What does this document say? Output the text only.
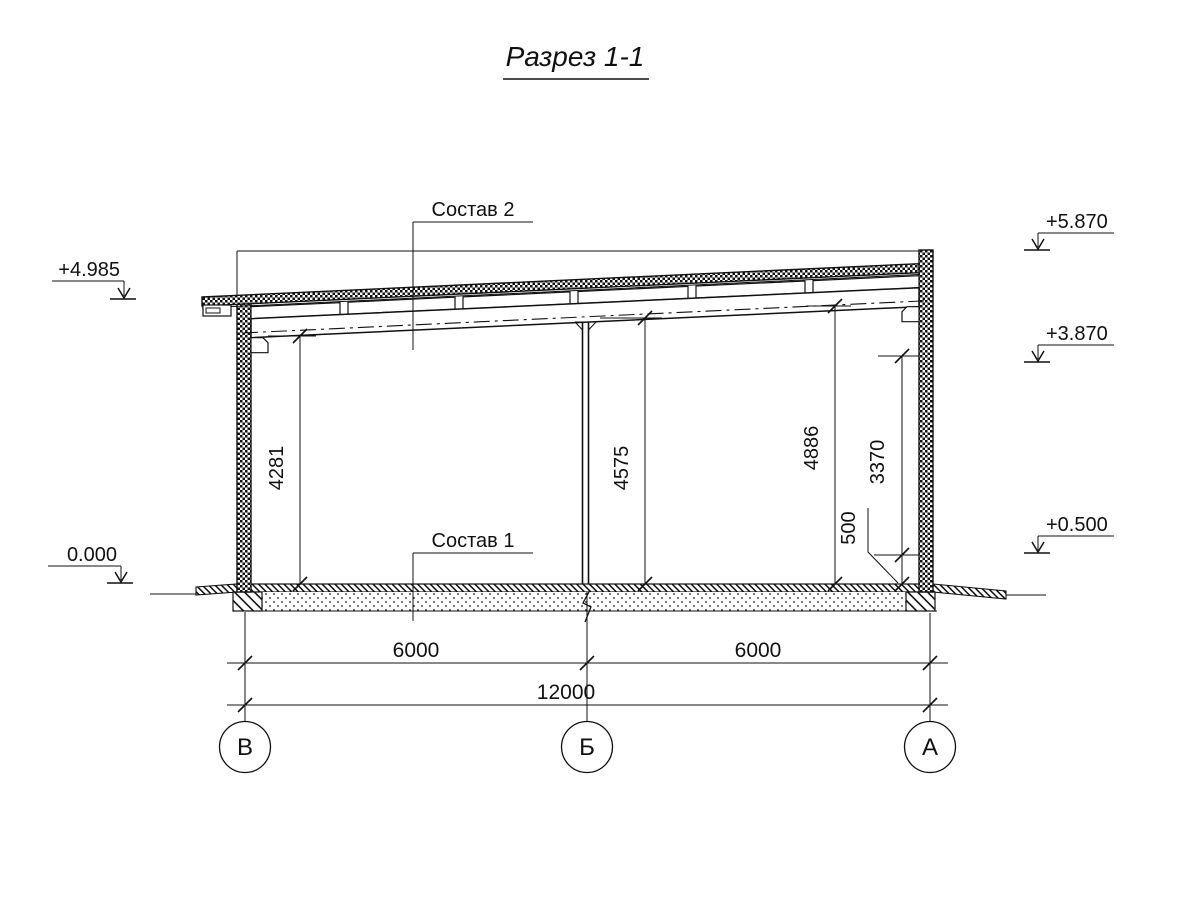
Разрез 1-1
+4.985
0.000
+5.870
+3.870
+0.500
Состав 2
Состав 1
4281	4575	4886 3370
500
6000	6000
12000
В	Б	А
